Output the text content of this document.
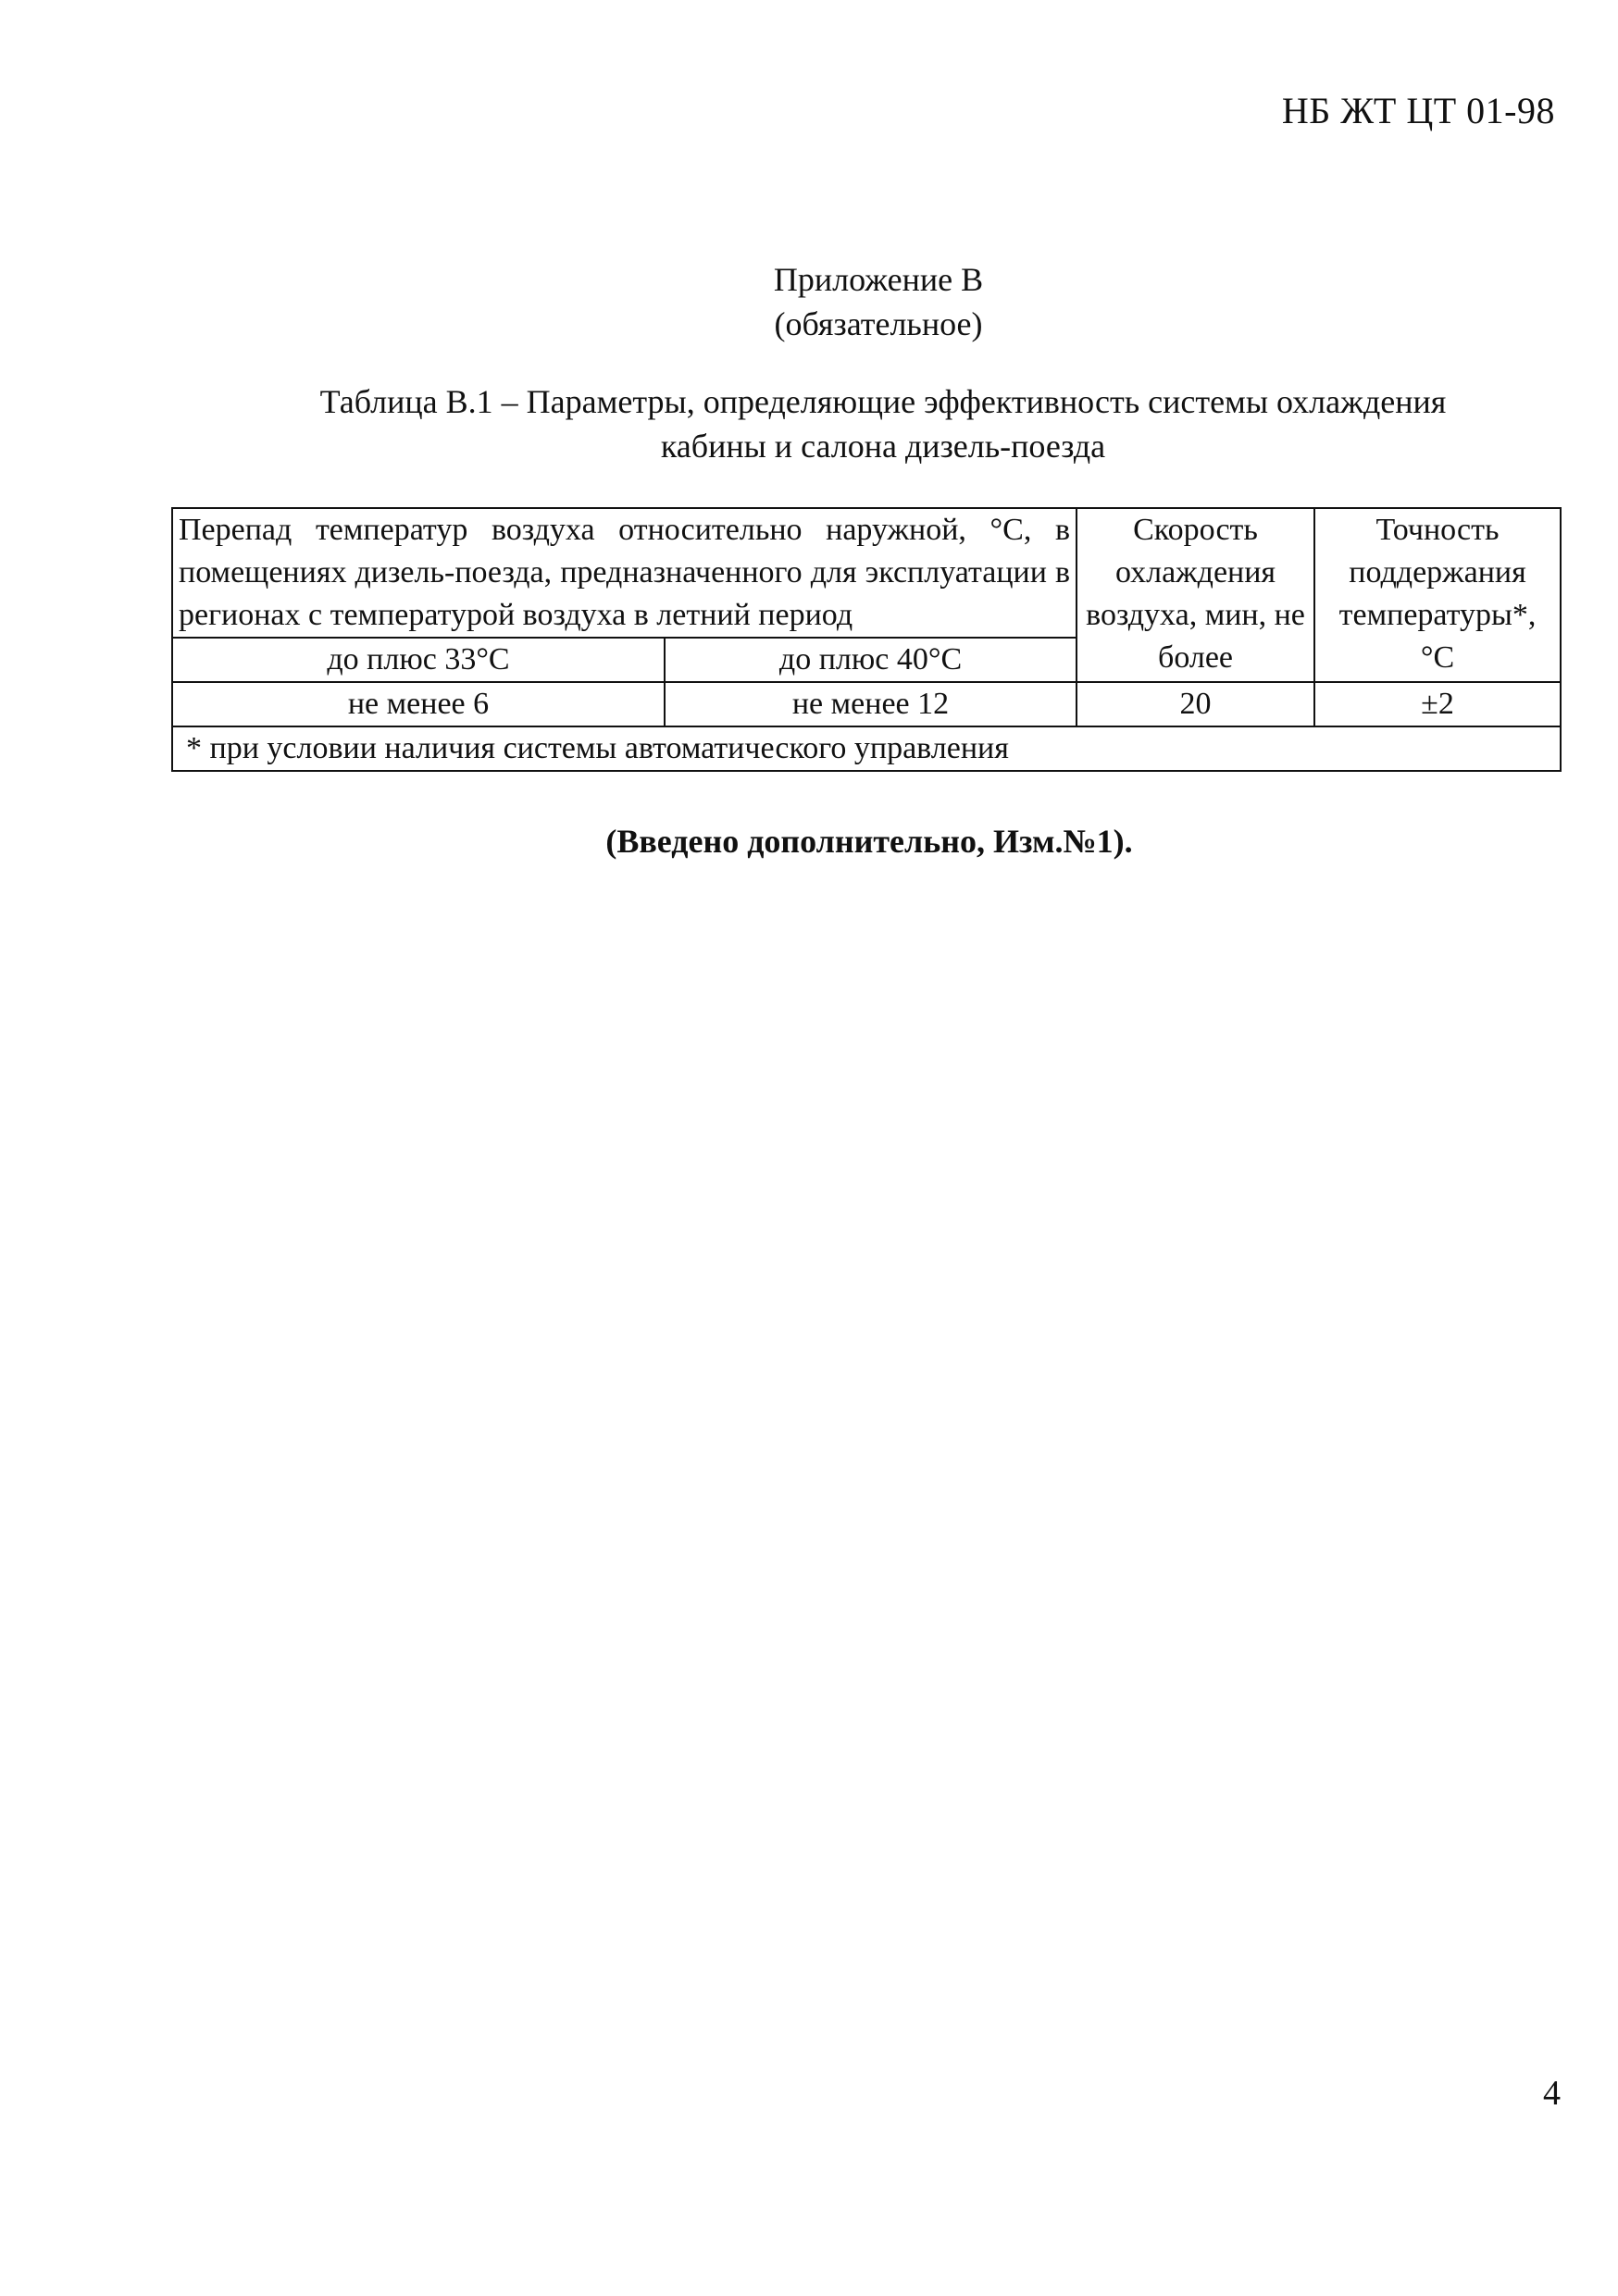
НБ ЖТ ЦТ 01-98
Приложение В
(обязательное)
Таблица В.1 – Параметры, определяющие эффективность системы охлаждения
кабины и салона дизель-поезда
Перепад температур воздуха относительно наружной, °С, в помещениях дизель-поезда, предназначенного для эксплуатации в регионах с температурой воздуха в летний период		Скорость охлаждения воздуха, мин, не более	Точность поддержания температуры*, °С
до плюс 33°С	до плюс 40°С		
не менее 6	не менее 12	20	±2
* при условии наличия системы автоматического управления			
(Введено дополнительно, Изм.№1).
4
